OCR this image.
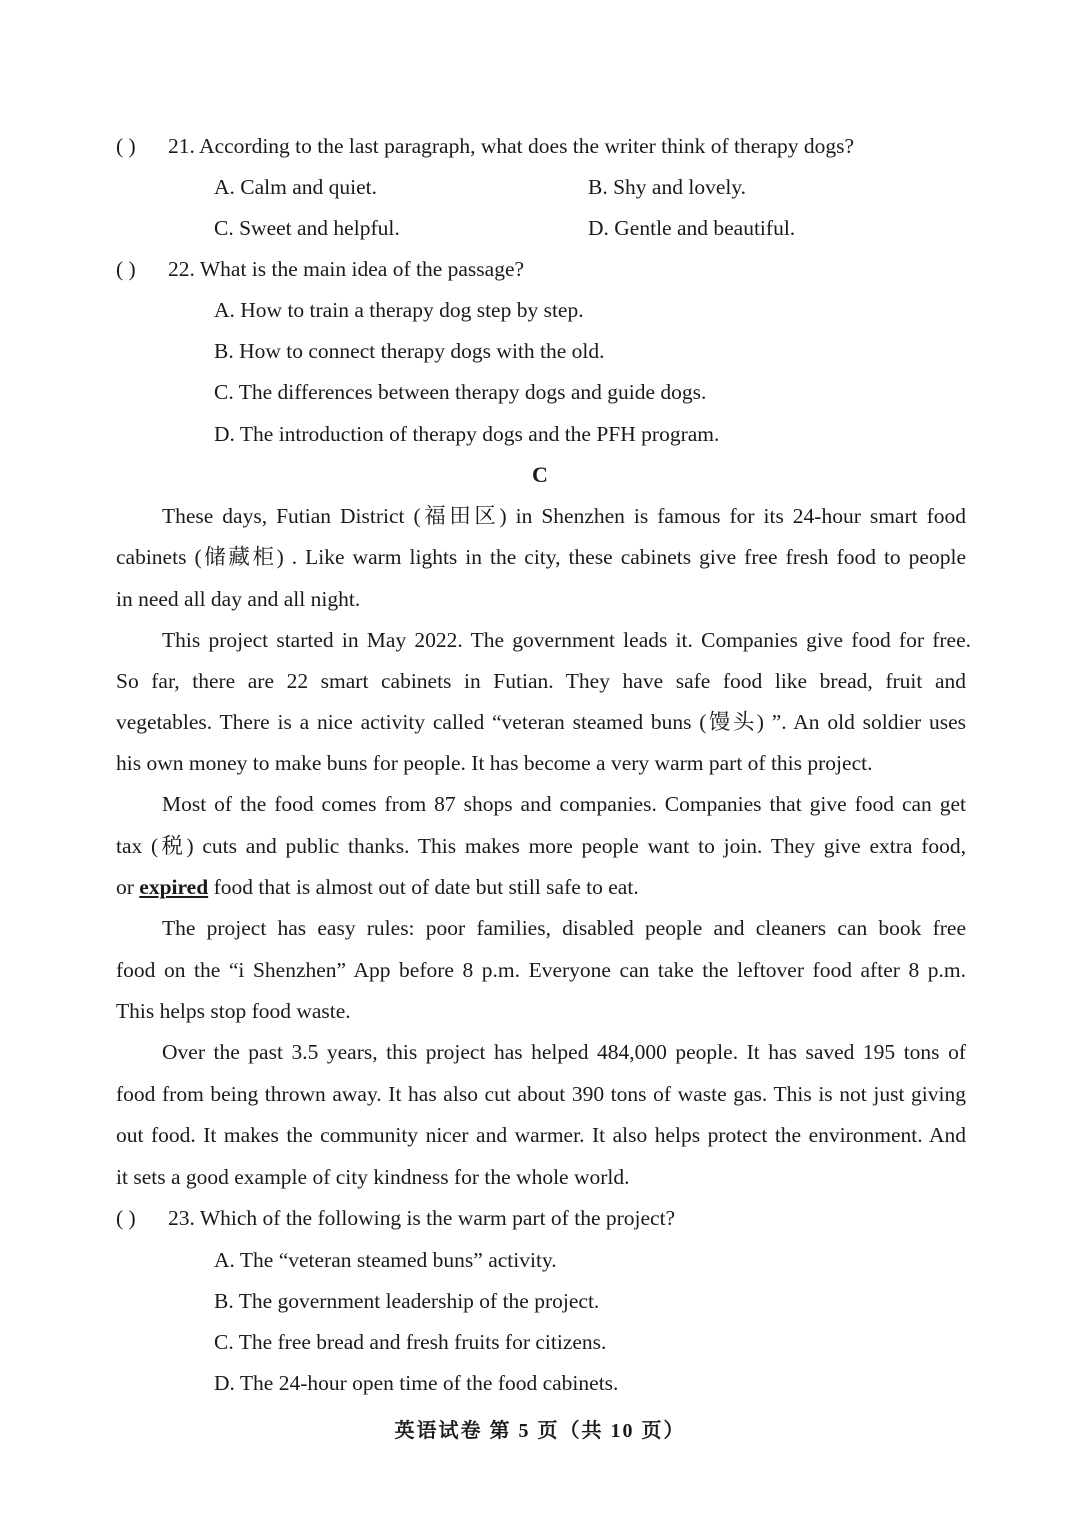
( ) 21. According to the last paragraph, what does the writer think of therapy dogs?
A. Calm and quiet.	B. Shy and lovely.
C. Sweet and helpful.	D. Gentle and beautiful.
( ) 22. What is the main idea of the passage?
A. How to train a therapy dog step by step.
B. How to connect therapy dogs with the old.
C. The differences between therapy dogs and guide dogs.
D. The introduction of therapy dogs and the PFH program.
C
These days, Futian District (福田区) in Shenzhen is famous for its 24-hour smart food
cabinets (储藏柜) . Like warm lights in the city, these cabinets give free fresh food to people
in need all day and all night.
This project started in May 2022. The government leads it. Companies give food for free.
So far, there are 22 smart cabinets in Futian. They have safe food like bread, fruit and
vegetables. There is a nice activity called “veteran steamed buns (馒头) ”. An old soldier uses
his own money to make buns for people. It has become a very warm part of this project.
Most of the food comes from 87 shops and companies. Companies that give food can get
tax (税) cuts and public thanks. This makes more people want to join. They give extra food,
or expired food that is almost out of date but still safe to eat.
The project has easy rules: poor families, disabled people and cleaners can book free
food on the “i Shenzhen” App before 8 p.m. Everyone can take the leftover food after 8 p.m.
This helps stop food waste.
Over the past 3.5 years, this project has helped 484,000 people. It has saved 195 tons of
food from being thrown away. It has also cut about 390 tons of waste gas. This is not just giving
out food. It makes the community nicer and warmer. It also helps protect the environment. And
it sets a good example of city kindness for the whole world.
( ) 23. Which of the following is the warm part of the project?
A. The “veteran steamed buns” activity.
B. The government leadership of the project.
C. The free bread and fresh fruits for citizens.
D. The 24-hour open time of the food cabinets.
英语试卷 第 5 页（共 10 页）
